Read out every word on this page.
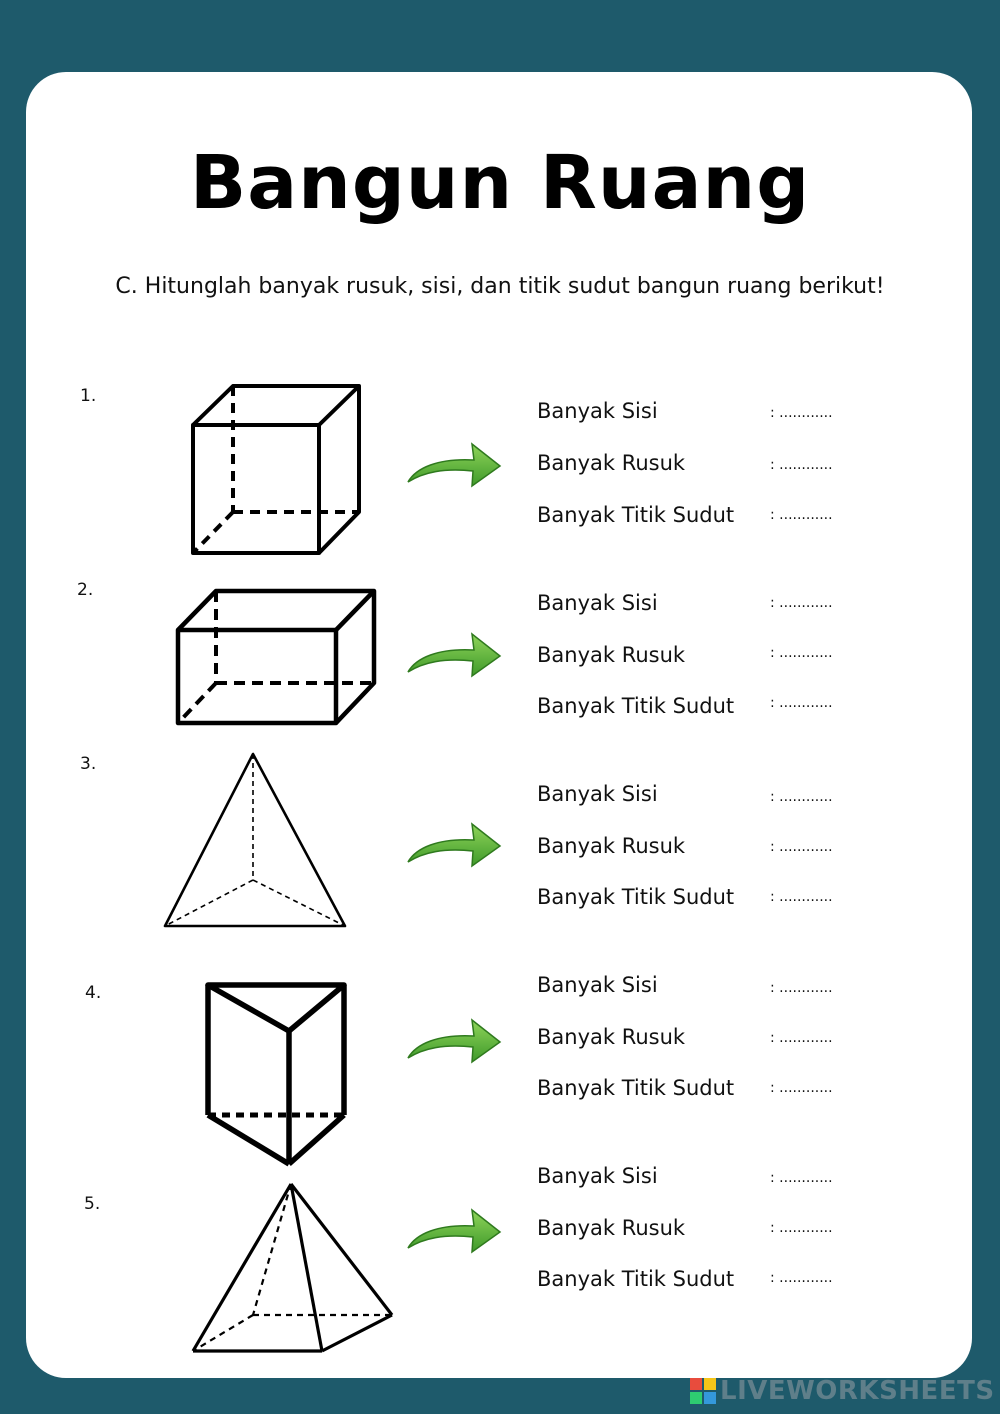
Bangun Ruang

C. Hitunglah banyak rusuk, sisi, dan titik sudut bangun ruang berikut!

1.
2.
3.
4.
5.
Banyak Sisi	: ............
Banyak Rusuk	: ............
Banyak Titik Sudut	: ............
Banyak Sisi	: ............
Banyak Rusuk	: ............
Banyak Titik Sudut	: ............
Banyak Sisi	: ............
Banyak Rusuk	: ............
Banyak Titik Sudut	: ............
Banyak Sisi	: ............
Banyak Rusuk	: ............
Banyak Titik Sudut	: ............
Banyak Sisi	: ............
Banyak Rusuk	: ............
Banyak Titik Sudut	: ............
LIVEWORKSHEETS
